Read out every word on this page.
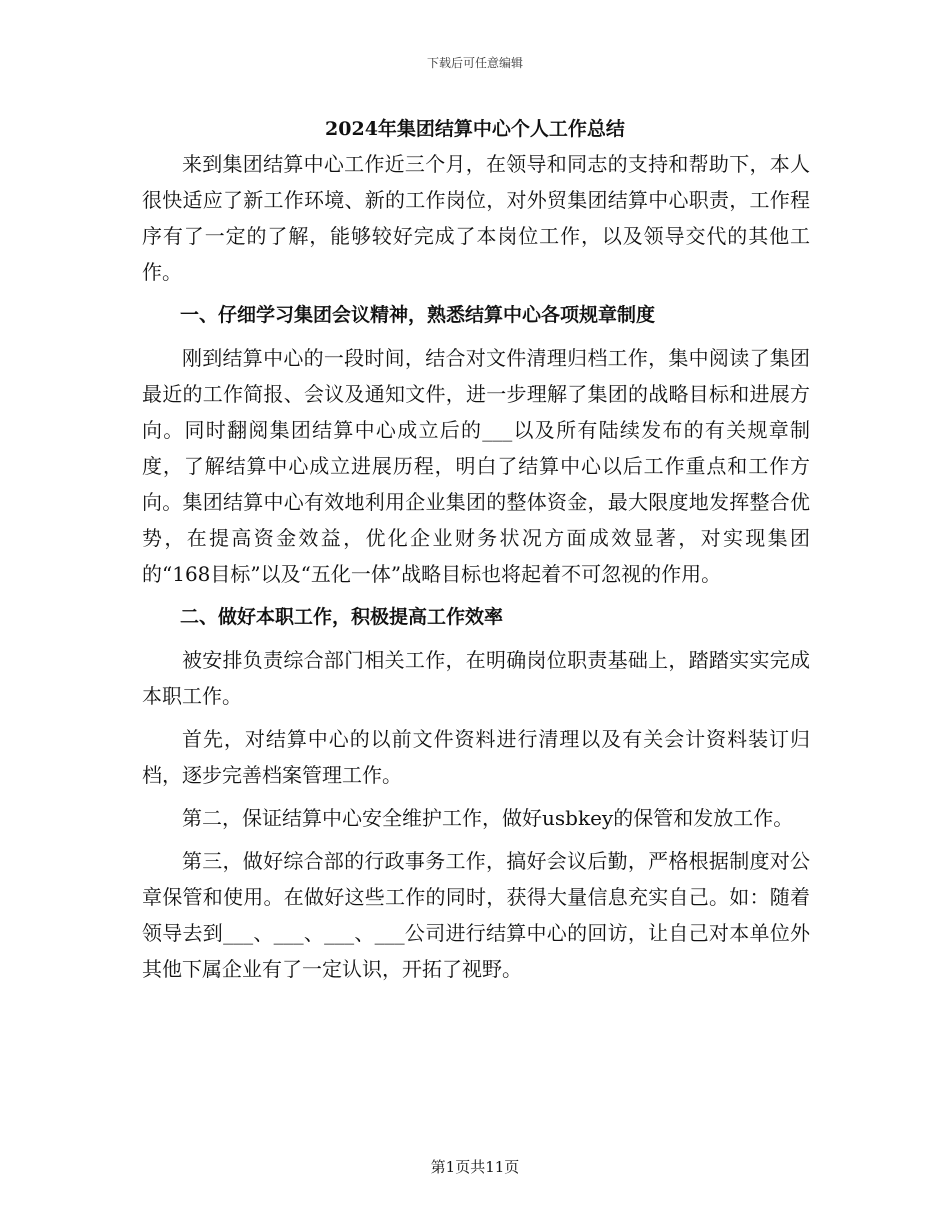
下载后可任意编辑
2024年集团结算中心个人工作总结

来到集团结算中心工作近三个月，在领导和同志的支持和帮助下，本人很快适应了新工作环境、新的工作岗位，对外贸集团结算中心职责，工作程序有了一定的了解，能够较好完成了本岗位工作，以及领导交代的其他工作。

一、仔细学习集团会议精神，熟悉结算中心各项规章制度

刚到结算中心的一段时间，结合对文件清理归档工作，集中阅读了集团最近的工作简报、会议及通知文件，进一步理解了集团的战略目标和进展方向。同时翻阅集团结算中心成立后的___以及所有陆续发布的有关规章制度，了解结算中心成立进展历程，明白了结算中心以后工作重点和工作方向。集团结算中心有效地利用企业集团的整体资金，最大限度地发挥整合优势，在提高资金效益，优化企业财务状况方面成效显著，对实现集团的“168目标”以及“五化一体”战略目标也将起着不可忽视的作用。

二、做好本职工作，积极提高工作效率

被安排负责综合部门相关工作，在明确岗位职责基础上，踏踏实实完成本职工作。

首先，对结算中心的以前文件资料进行清理以及有关会计资料装订归档，逐步完善档案管理工作。

第二，保证结算中心安全维护工作，做好usbkey的保管和发放工作。

第三，做好综合部的行政事务工作，搞好会议后勤，严格根据制度对公章保管和使用。在做好这些工作的同时，获得大量信息充实自己。如：随着领导去到___、___、___、___公司进行结算中心的回访，让自己对本单位外其他下属企业有了一定认识，开拓了视野。

第1页共11页
